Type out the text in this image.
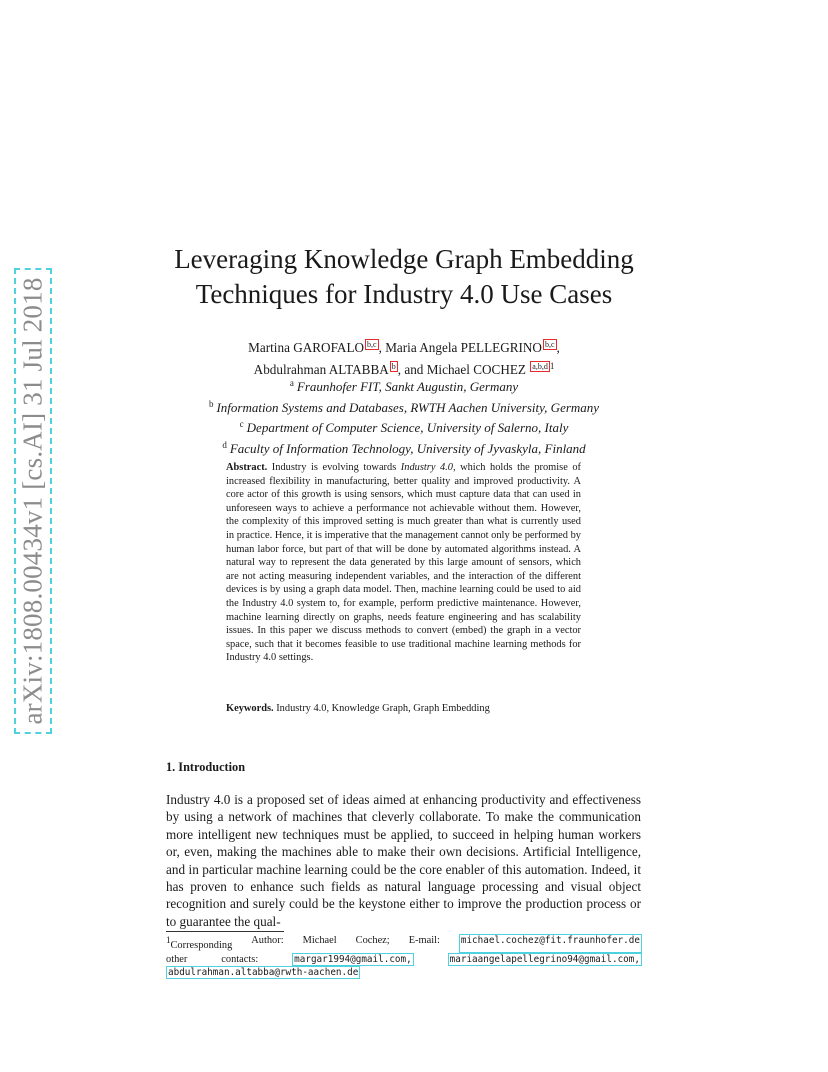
arXiv:1808.00434v1 [cs.AI] 31 Jul 2018
Leveraging Knowledge Graph Embedding
Techniques for Industry 4.0 Use Cases
Martina GAROFALO b,c , Maria Angela PELLEGRINO b,c ,
Abdulrahman ALTABBA b , and Michael COCHEZ a,b,d $^1$
$^a$ Fraunhofer FIT, Sankt Augustin, Germany
$^b$ Information Systems and Databases, RWTH Aachen University, Germany
$^c$ Department of Computer Science, University of Salerno, Italy
$^d$ Faculty of Information Technology, University of Jyvaskyla, Finland
Abstract. Industry is evolving towards Industry 4.0, which holds the promise of increased flexibility in manufacturing, better quality and improved productivity. A core actor of this growth is using sensors, which must capture data that can used in unforeseen ways to achieve a performance not achievable without them. However, the complexity of this improved setting is much greater than what is currently used in practice. Hence, it is imperative that the management cannot only be performed by human labor force, but part of that will be done by automated algorithms instead. A natural way to represent the data generated by this large amount of sensors, which are not acting measuring independent variables, and the interaction of the different devices is by using a graph data model. Then, machine learning could be used to aid the Industry 4.0 system to, for example, perform predictive maintenance. However, machine learning directly on graphs, needs feature engineering and has scalability issues. In this paper we discuss methods to convert (embed) the graph in a vector space, such that it becomes feasible to use traditional machine learning methods for Industry 4.0 settings.
Keywords. Industry 4.0, Knowledge Graph, Graph Embedding
1. Introduction
Industry 4.0 is a proposed set of ideas aimed at enhancing productivity and effectiveness by using a network of machines that cleverly collaborate. To make the communication more intelligent new techniques must be applied, to succeed in helping human workers or, even, making the machines able to make their own decisions. Artificial Intelligence, and in particular machine learning could be the core enabler of this automation. Indeed, it has proven to enhance such fields as natural language processing and visual object recognition and surely could be the keystone either to improve the production process or to guarantee the qual-
1Corresponding Author: Michael Cochez; E-mail: michael.cochez@fit.fraunhofer.de
other	contacts:	margar1994@gmail.com,	mariaangelapellegrino94@gmail.com,
abdulrahman.altabba@rwth-aachen.de
